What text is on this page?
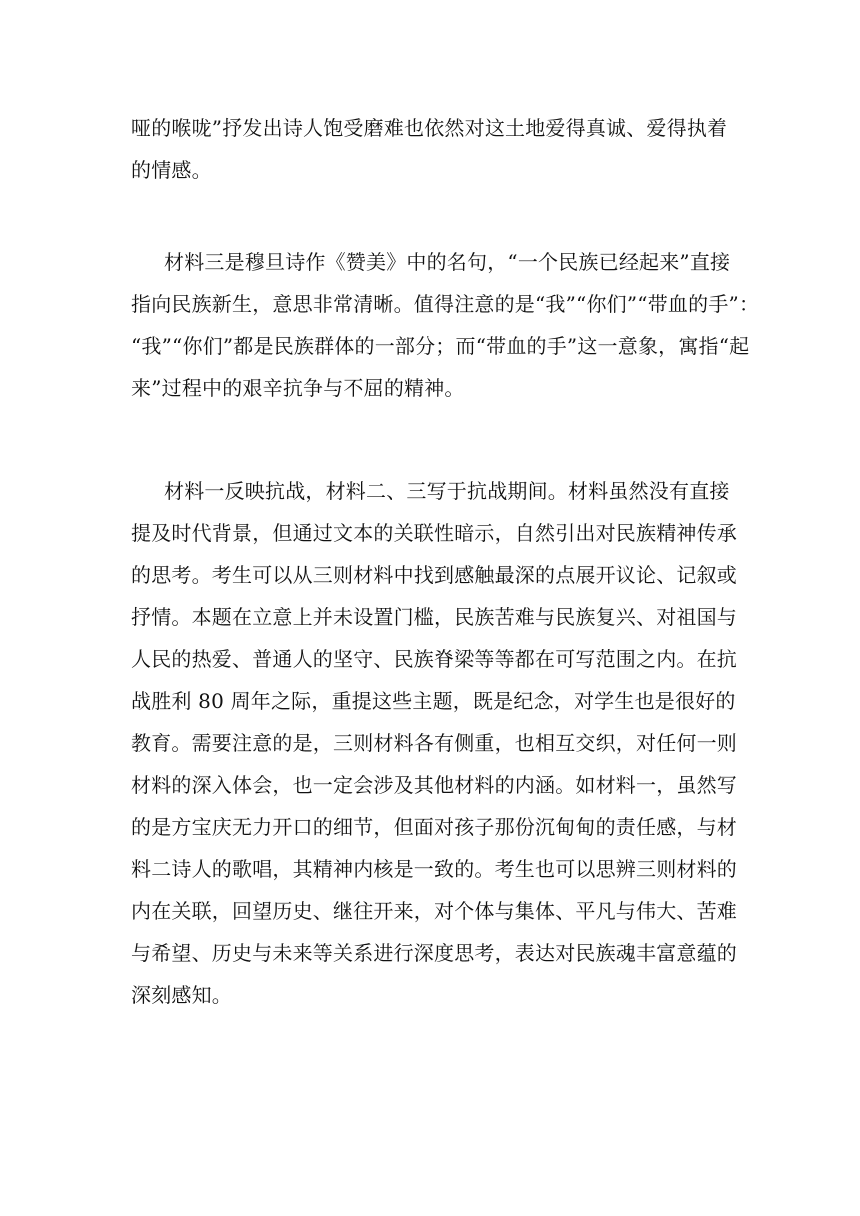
哑的喉咙”抒发出诗人饱受磨难也依然对这土地爱得真诚、爱得执着
的情感。

材料三是穆旦诗作《赞美》中的名句，“一个民族已经起来”直接
指向民族新生，意思非常清晰。值得注意的是“我”“你们”“带血的手”：
“我”“你们”都是民族群体的一部分；而“带血的手”这一意象，寓指“起
来”过程中的艰辛抗争与不屈的精神。

材料一反映抗战，材料二、三写于抗战期间。材料虽然没有直接
提及时代背景，但通过文本的关联性暗示，自然引出对民族精神传承
的思考。考生可以从三则材料中找到感触最深的点展开议论、记叙或
抒情。本题在立意上并未设置门槛，民族苦难与民族复兴、对祖国与
人民的热爱、普通人的坚守、民族脊梁等等都在可写范围之内。在抗
战胜利 80 周年之际，重提这些主题，既是纪念，对学生也是很好的
教育。需要注意的是，三则材料各有侧重，也相互交织，对任何一则
材料的深入体会，也一定会涉及其他材料的内涵。如材料一，虽然写
的是方宝庆无力开口的细节，但面对孩子那份沉甸甸的责任感，与材
料二诗人的歌唱，其精神内核是一致的。考生也可以思辨三则材料的
内在关联，回望历史、继往开来，对个体与集体、平凡与伟大、苦难
与希望、历史与未来等关系进行深度思考，表达对民族魂丰富意蕴的
深刻感知。
